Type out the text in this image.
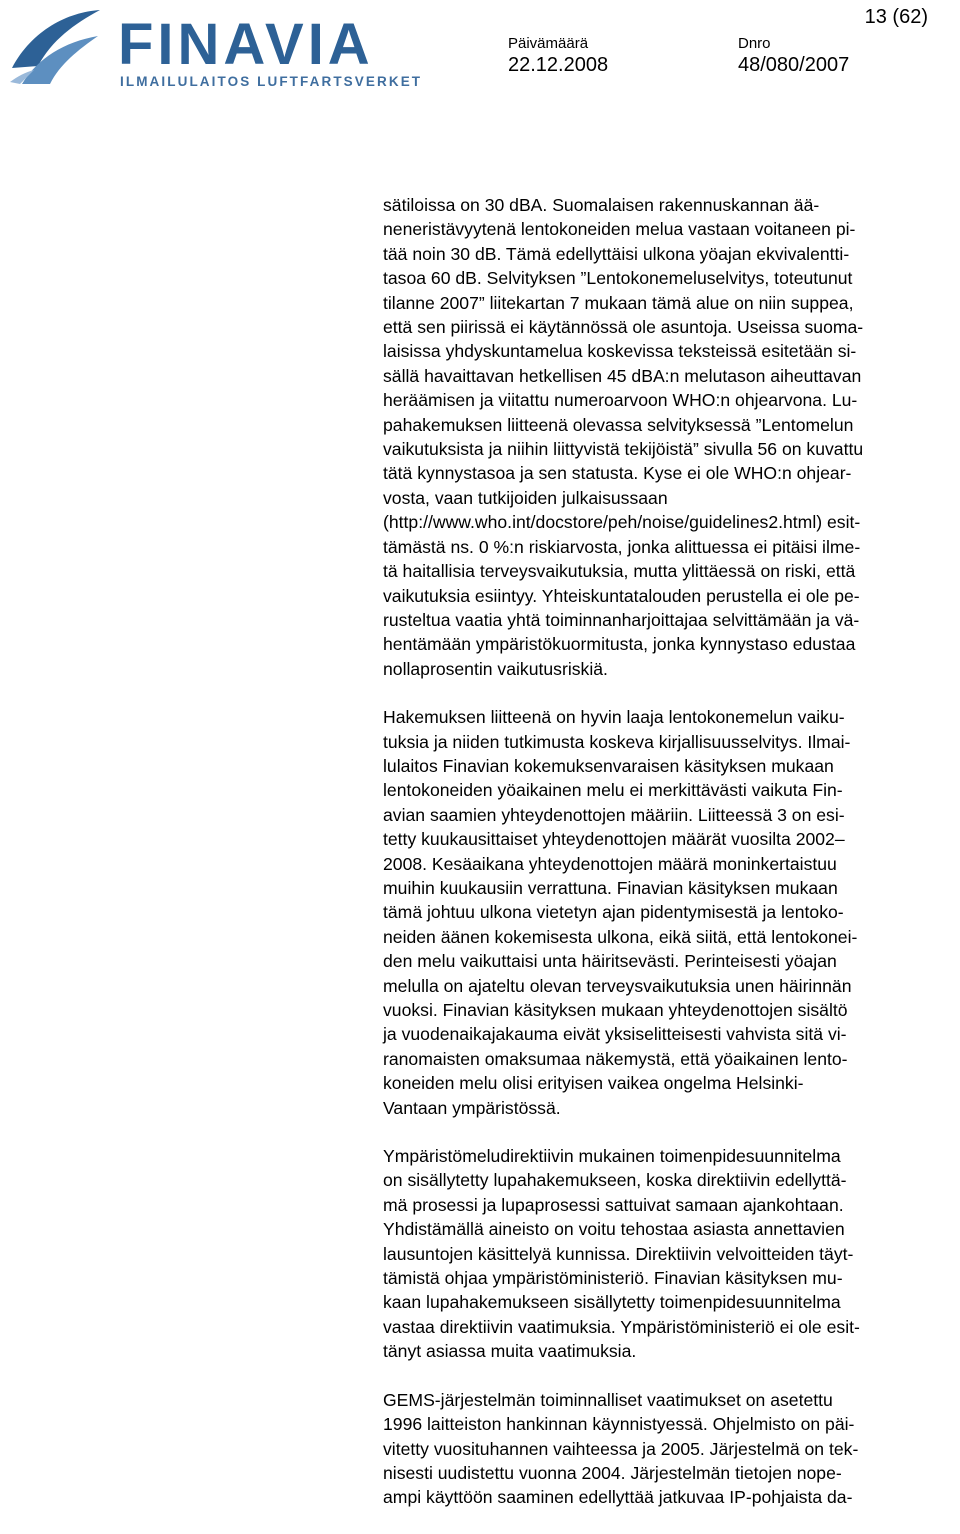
FINAVIA
ILMAILULAITOS LUFTFARTSVERKET
Päivämäärä
22.12.2008
Dnro
48/080/2007
13 (62)

sätiloissa on 30 dBA. Suomalaisen rakennuskannan ää-
neneristävyytenä lentokoneiden melua vastaan voitaneen pi-
tää noin 30 dB. Tämä edellyttäisi ulkona yöajan ekvivalentti-
tasoa 60 dB. Selvityksen ”Lentokonemeluselvitys, toteutunut
tilanne 2007” liitekartan 7 mukaan tämä alue on niin suppea,
että sen piirissä ei käytännössä ole asuntoja. Useissa suoma-
laisissa yhdyskuntamelua koskevissa teksteissä esitetään si-
sällä havaittavan hetkellisen 45 dBA:n melutason aiheuttavan
heräämisen ja viitattu numeroarvoon WHO:n ohjearvona. Lu-
pahakemuksen liitteenä olevassa selvityksessä ”Lentomelun
vaikutuksista ja niihin liittyvistä tekijöistä” sivulla 56 on kuvattu
tätä kynnystasoa ja sen statusta. Kyse ei ole WHO:n ohjear-
vosta, vaan tutkijoiden julkaisussaan
(http://www.who.int/docstore/peh/noise/guidelines2.html) esit-
tämästä ns. 0 %:n riskiarvosta, jonka alittuessa ei pitäisi ilme-
tä haitallisia terveysvaikutuksia, mutta ylittäessä on riski, että
vaikutuksia esiintyy. Yhteiskuntatalouden perustella ei ole pe-
rusteltua vaatia yhtä toiminnanharjoittajaa selvittämään ja vä-
hentämään ympäristökuormitusta, jonka kynnystaso edustaa
nollaprosentin vaikutusriskiä.

Hakemuksen liitteenä on hyvin laaja lentokonemelun vaiku-
tuksia ja niiden tutkimusta koskeva kirjallisuusselvitys. Ilmai-
lulaitos Finavian kokemuksenvaraisen käsityksen mukaan
lentokoneiden yöaikainen melu ei merkittävästi vaikuta Fin-
avian saamien yhteydenottojen määriin. Liitteessä 3 on esi-
tetty kuukausittaiset yhteydenottojen määrät vuosilta 2002–
2008. Kesäaikana yhteydenottojen määrä moninkertaistuu
muihin kuukausiin verrattuna. Finavian käsityksen mukaan
tämä johtuu ulkona vietetyn ajan pidentymisestä ja lentoko-
neiden äänen kokemisesta ulkona, eikä siitä, että lentokonei-
den melu vaikuttaisi unta häiritsevästi. Perinteisesti yöajan
melulla on ajateltu olevan terveysvaikutuksia unen häirinnän
vuoksi. Finavian käsityksen mukaan yhteydenottojen sisältö
ja vuodenaikajakauma eivät yksiselitteisesti vahvista sitä vi-
ranomaisten omaksumaa näkemystä, että yöaikainen lento-
koneiden melu olisi erityisen vaikea ongelma Helsinki-
Vantaan ympäristössä.

Ympäristömeludirektiivin mukainen toimenpidesuunnitelma
on sisällytetty lupahakemukseen, koska direktiivin edellyttä-
mä prosessi ja lupaprosessi sattuivat samaan ajankohtaan.
Yhdistämällä aineisto on voitu tehostaa asiasta annettavien
lausuntojen käsittelyä kunnissa. Direktiivin velvoitteiden täyt-
tämistä ohjaa ympäristöministeriö. Finavian käsityksen mu-
kaan lupahakemukseen sisällytetty toimenpidesuunnitelma
vastaa direktiivin vaatimuksia. Ympäristöministeriö ei ole esit-
tänyt asiassa muita vaatimuksia.

GEMS-järjestelmän toiminnalliset vaatimukset on asetettu
1996 laitteiston hankinnan käynnistyessä. Ohjelmisto on päi-
vitetty vuosituhannen vaihteessa ja 2005. Järjestelmä on tek-
nisesti uudistettu vuonna 2004. Järjestelmän tietojen nope-
ampi käyttöön saaminen edellyttää jatkuvaa IP-pohjaista da-
